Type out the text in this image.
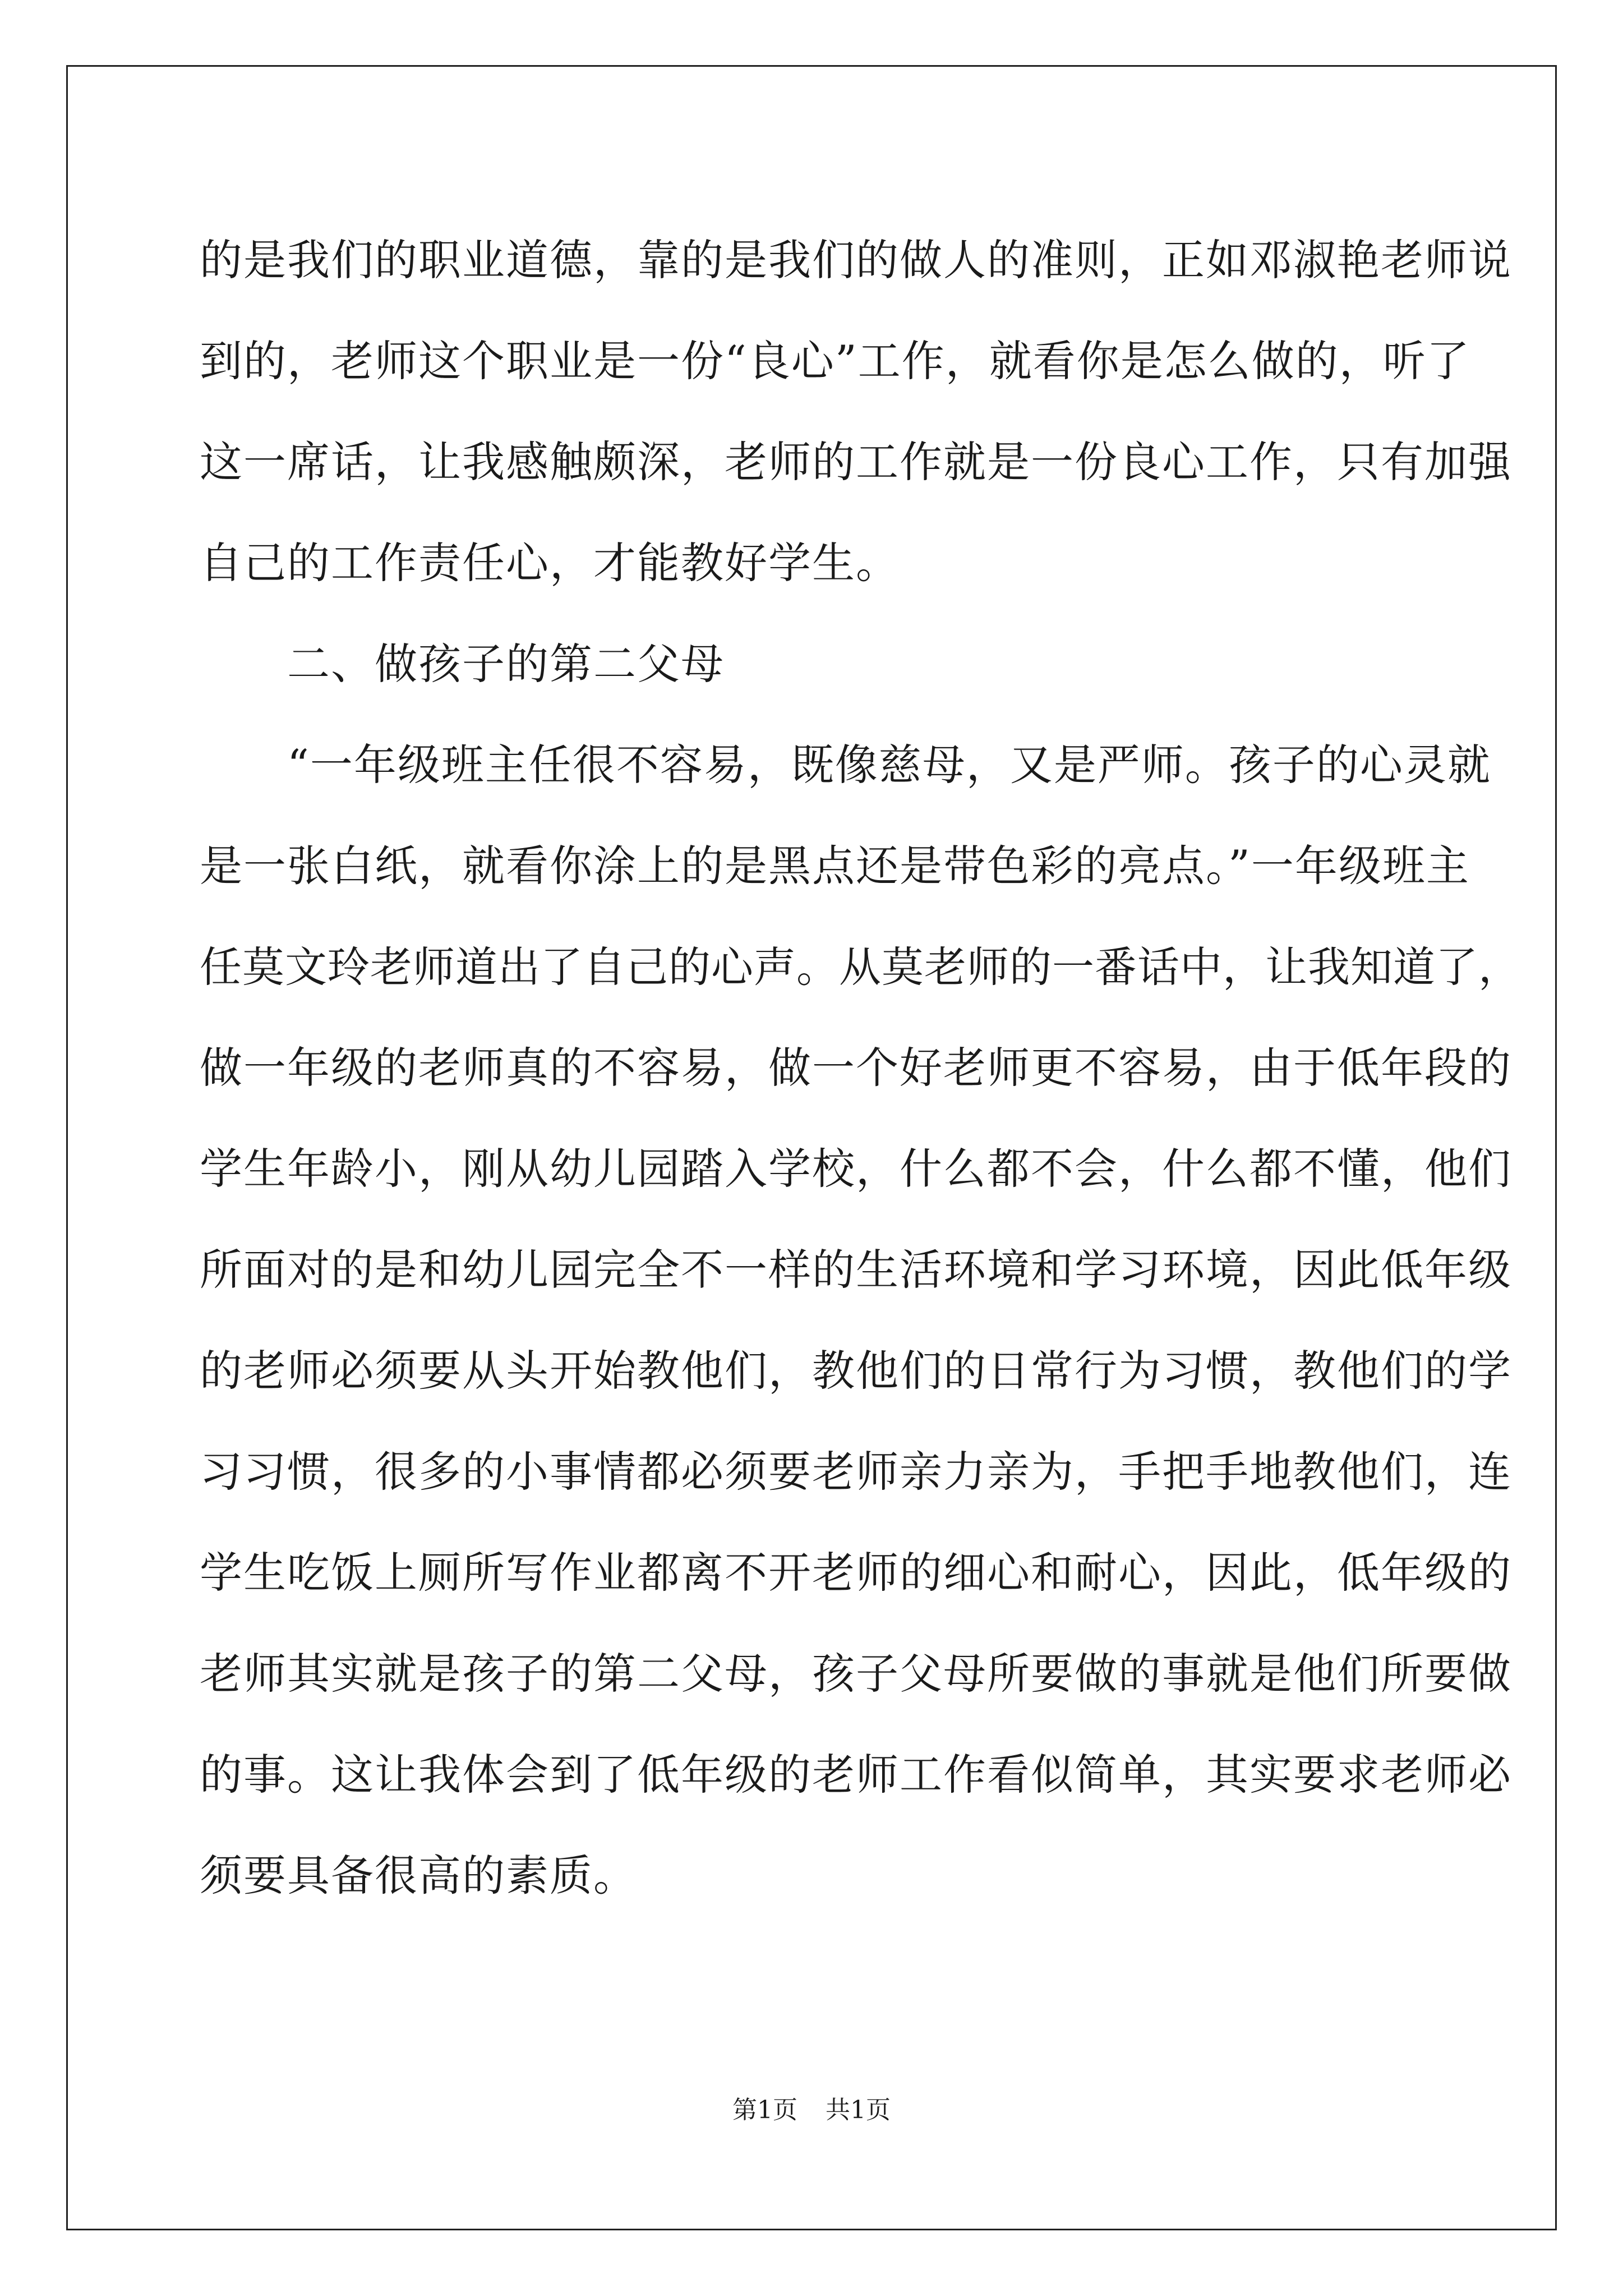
的是我们的职业道德，靠的是我们的做人的准则，正如邓淑艳老师说
到的，老师这个职业是一份“良心”工作，就看你是怎么做的，听了
这一席话，让我感触颇深，老师的工作就是一份良心工作，只有加强
自己的工作责任心，才能教好学生。
二、做孩子的第二父母
“一年级班主任很不容易，既像慈母，又是严师。孩子的心灵就
是一张白纸，就看你涂上的是黑点还是带色彩的亮点。”一年级班主
任莫文玲老师道出了自己的心声。从莫老师的一番话中，让我知道了，
做一年级的老师真的不容易，做一个好老师更不容易，由于低年段的
学生年龄小，刚从幼儿园踏入学校，什么都不会，什么都不懂，他们
所面对的是和幼儿园完全不一样的生活环境和学习环境，因此低年级
的老师必须要从头开始教他们，教他们的日常行为习惯，教他们的学
习习惯，很多的小事情都必须要老师亲力亲为，手把手地教他们，连
学生吃饭上厕所写作业都离不开老师的细心和耐心，因此，低年级的
老师其实就是孩子的第二父母，孩子父母所要做的事就是他们所要做
的事。这让我体会到了低年级的老师工作看似简单，其实要求老师必
须要具备很高的素质。
第1页 共1页
